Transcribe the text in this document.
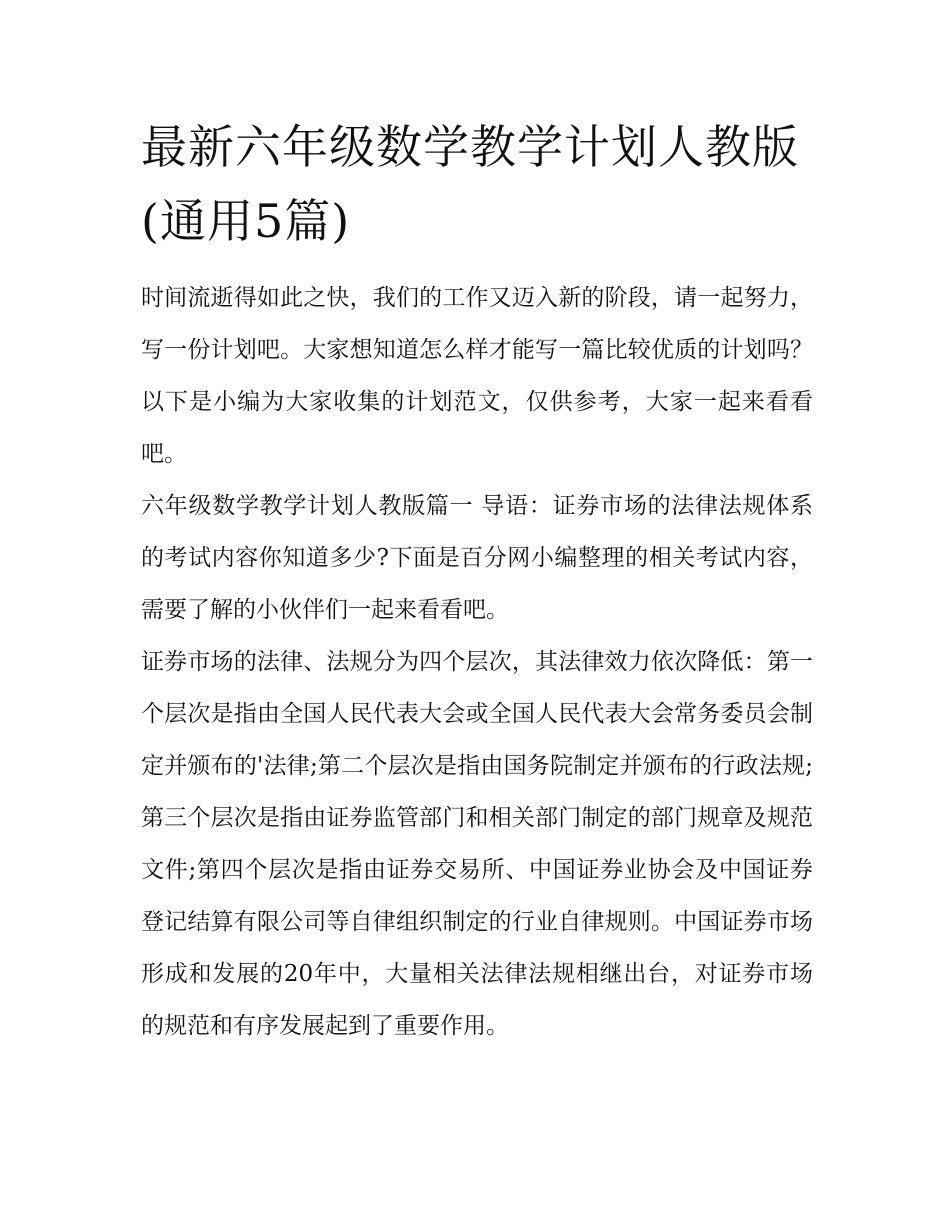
最新六年级数学教学计划人教版(通用5篇)

时间流逝得如此之快，我们的工作又迈入新的阶段，请一起努力，写一份计划吧。大家想知道怎么样才能写一篇比较优质的计划吗？以下是小编为大家收集的计划范文，仅供参考，大家一起来看看吧。

六年级数学教学计划人教版篇一 导语：证券市场的法律法规体系的考试内容你知道多少?下面是百分网小编整理的相关考试内容，需要了解的小伙伴们一起来看看吧。

证券市场的法律、法规分为四个层次，其法律效力依次降低：第一个层次是指由全国人民代表大会或全国人民代表大会常务委员会制定并颁布的'法律;第二个层次是指由国务院制定并颁布的行政法规;第三个层次是指由证券监管部门和相关部门制定的部门规章及规范文件;第四个层次是指由证券交易所、中国证券业协会及中国证券登记结算有限公司等自律组织制定的行业自律规则。中国证券市场形成和发展的20年中，大量相关法律法规相继出台，对证券市场的规范和有序发展起到了重要作用。
